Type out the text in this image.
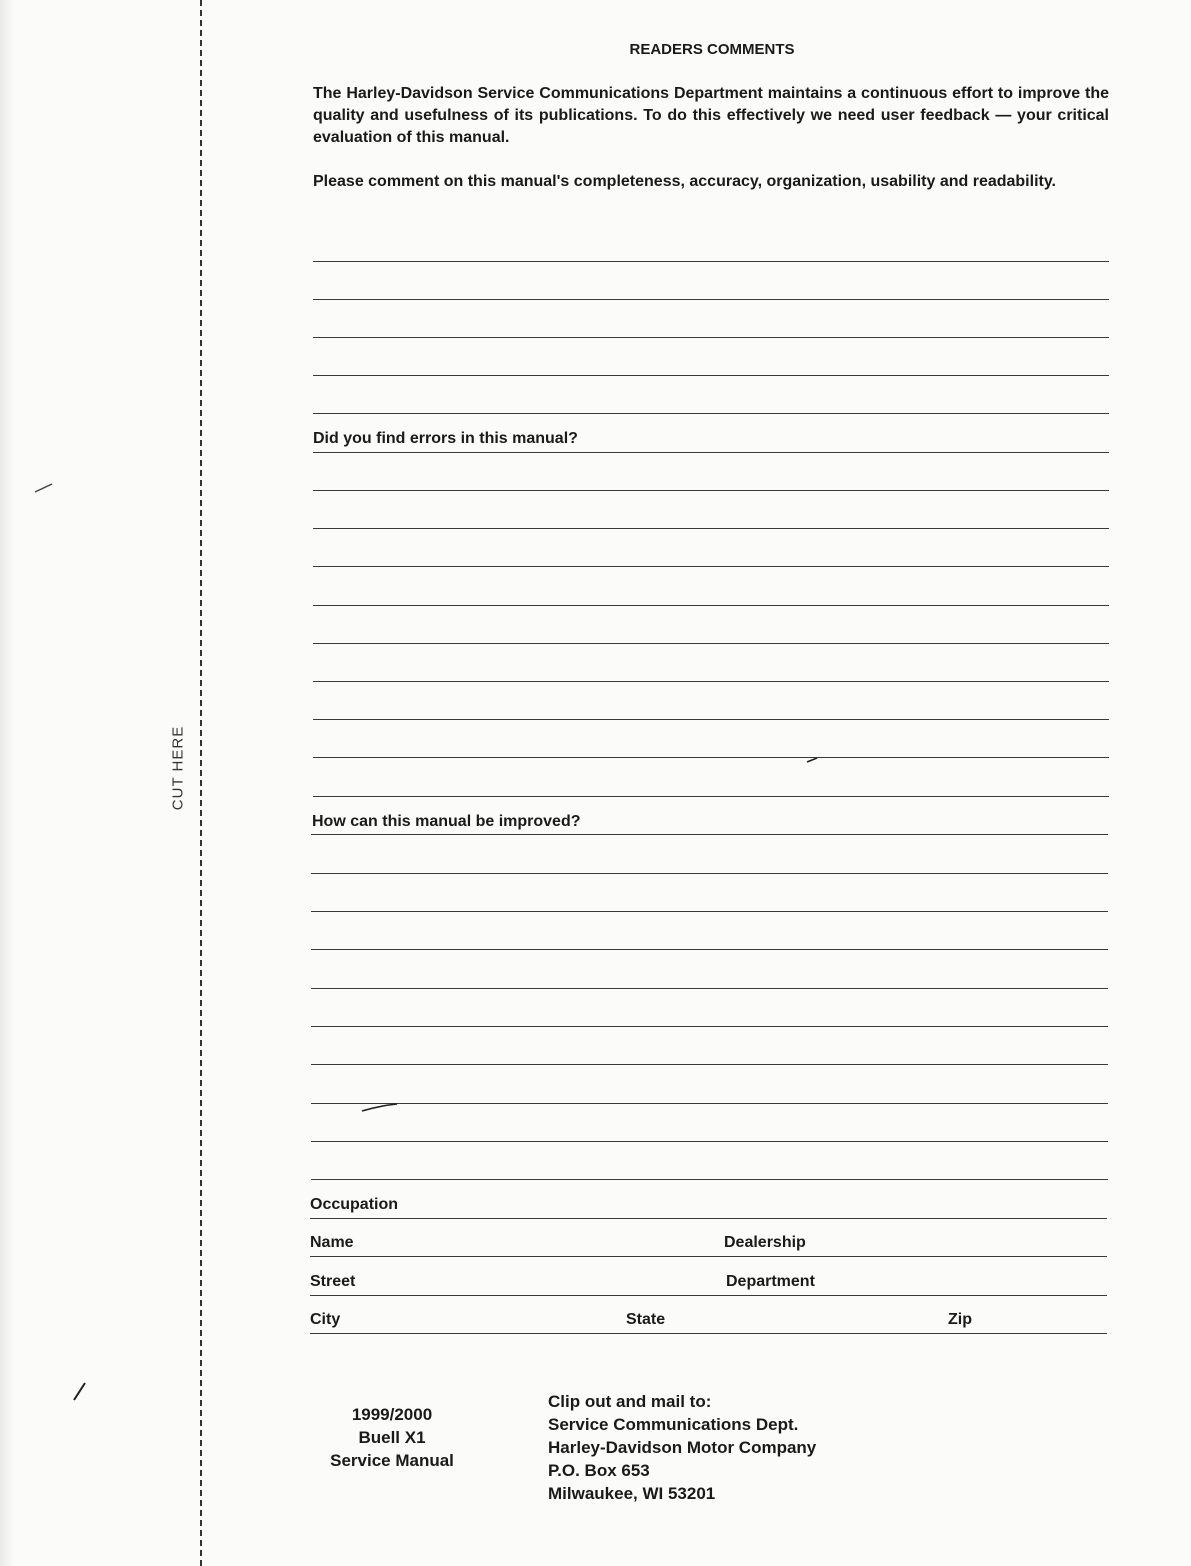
CUT HERE
READERS COMMENTS
The Harley-Davidson Service Communications Department maintains a continuous effort to improve the quality and usefulness of its publications. To do this effectively we need user feedback — your critical evaluation of this manual.
Please comment on this manual's completeness, accuracy, organization, usability and readability.
Did you find errors in this manual?
How can this manual be improved?
Occupation
Name	Dealership
Street	Department
City	State	Zip
1999/2000
Buell X1
Service Manual
Clip out and mail to:
Service Communications Dept.
Harley-Davidson Motor Company
P.O. Box 653
Milwaukee, WI 53201
